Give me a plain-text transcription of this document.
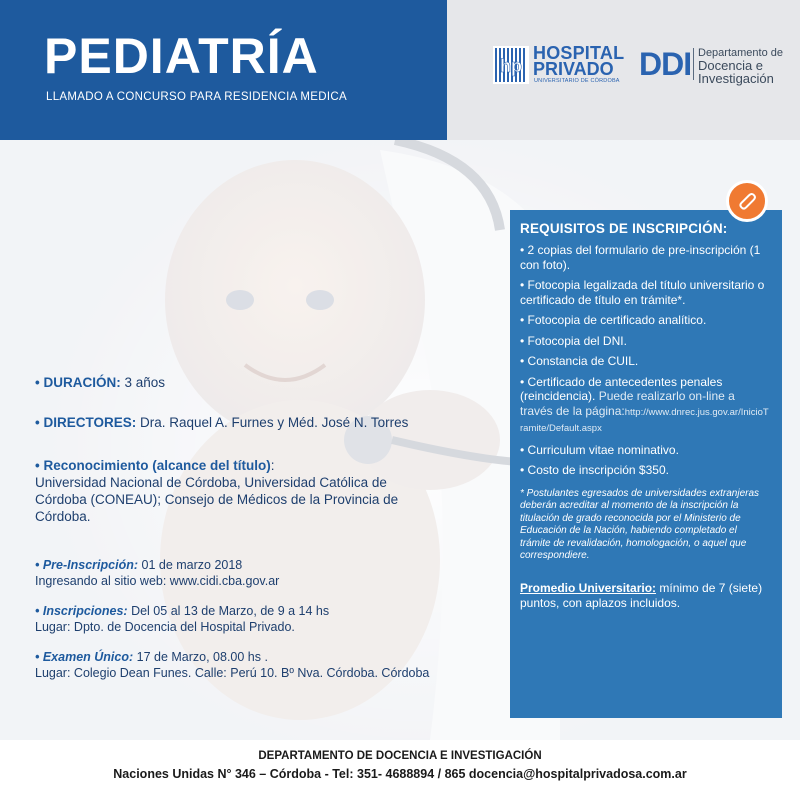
PEDIATRÍA
LLAMADO A CONCURSO PARA RESIDENCIA MEDICA
hp
HOSPITAL
PRIVADO
UNIVERSITARIO DE CÓRDOBA DDI Departamento de
Docencia e
Investigación
• DURACIÓN: 3 años
• DIRECTORES: Dra. Raquel A. Furnes y Méd. José N. Torres
• Reconocimiento (alcance del título):
Universidad Nacional de Córdoba, Universidad Católica de
Córdoba (CONEAU); Consejo de Médicos de la Provincia de
Córdoba.
• Pre-Inscripción: 01 de marzo 2018
Ingresando al sitio web: www.cidi.cba.gov.ar
• Inscripciones: Del 05 al 13 de Marzo, de 9 a 14 hs
Lugar: Dpto. de Docencia del Hospital Privado.
• Examen Único: 17 de Marzo, 08.00 hs .
Lugar: Colegio Dean Funes. Calle: Perú 10. Bº Nva. Córdoba. Córdoba
REQUISITOS DE INSCRIPCIÓN:
• 2 copias del formulario de pre-inscripción (1 con foto).
• Fotocopia legalizada del título universitario o certificado de título en trámite*.
• Fotocopia de certificado analítico.
• Fotocopia del DNI.
• Constancia de CUIL.
• Certificado de antecedentes penales (reincidencia). Puede realizarlo on-line a través de la página:http://www.dnrec.jus.gov.ar/InicioTramite/Default.aspx
• Curriculum vitae nominativo.
• Costo de inscripción $350.
* Postulantes egresados de universidades extranjeras deberán acreditar al momento de la inscripción la titulación de grado reconocida por el Ministerio de Educación de la Nación, habiendo completado el trámite de revalidación, homologación, o aquel que correspondiere.
Promedio Universitario: mínimo de 7 (siete) puntos, con aplazos incluidos.
DEPARTAMENTO DE DOCENCIA E INVESTIGACIÓN
Naciones Unidas N° 346 – Córdoba - Tel: 351- 4688894 / 865 docencia@hospitalprivadosa.com.ar
